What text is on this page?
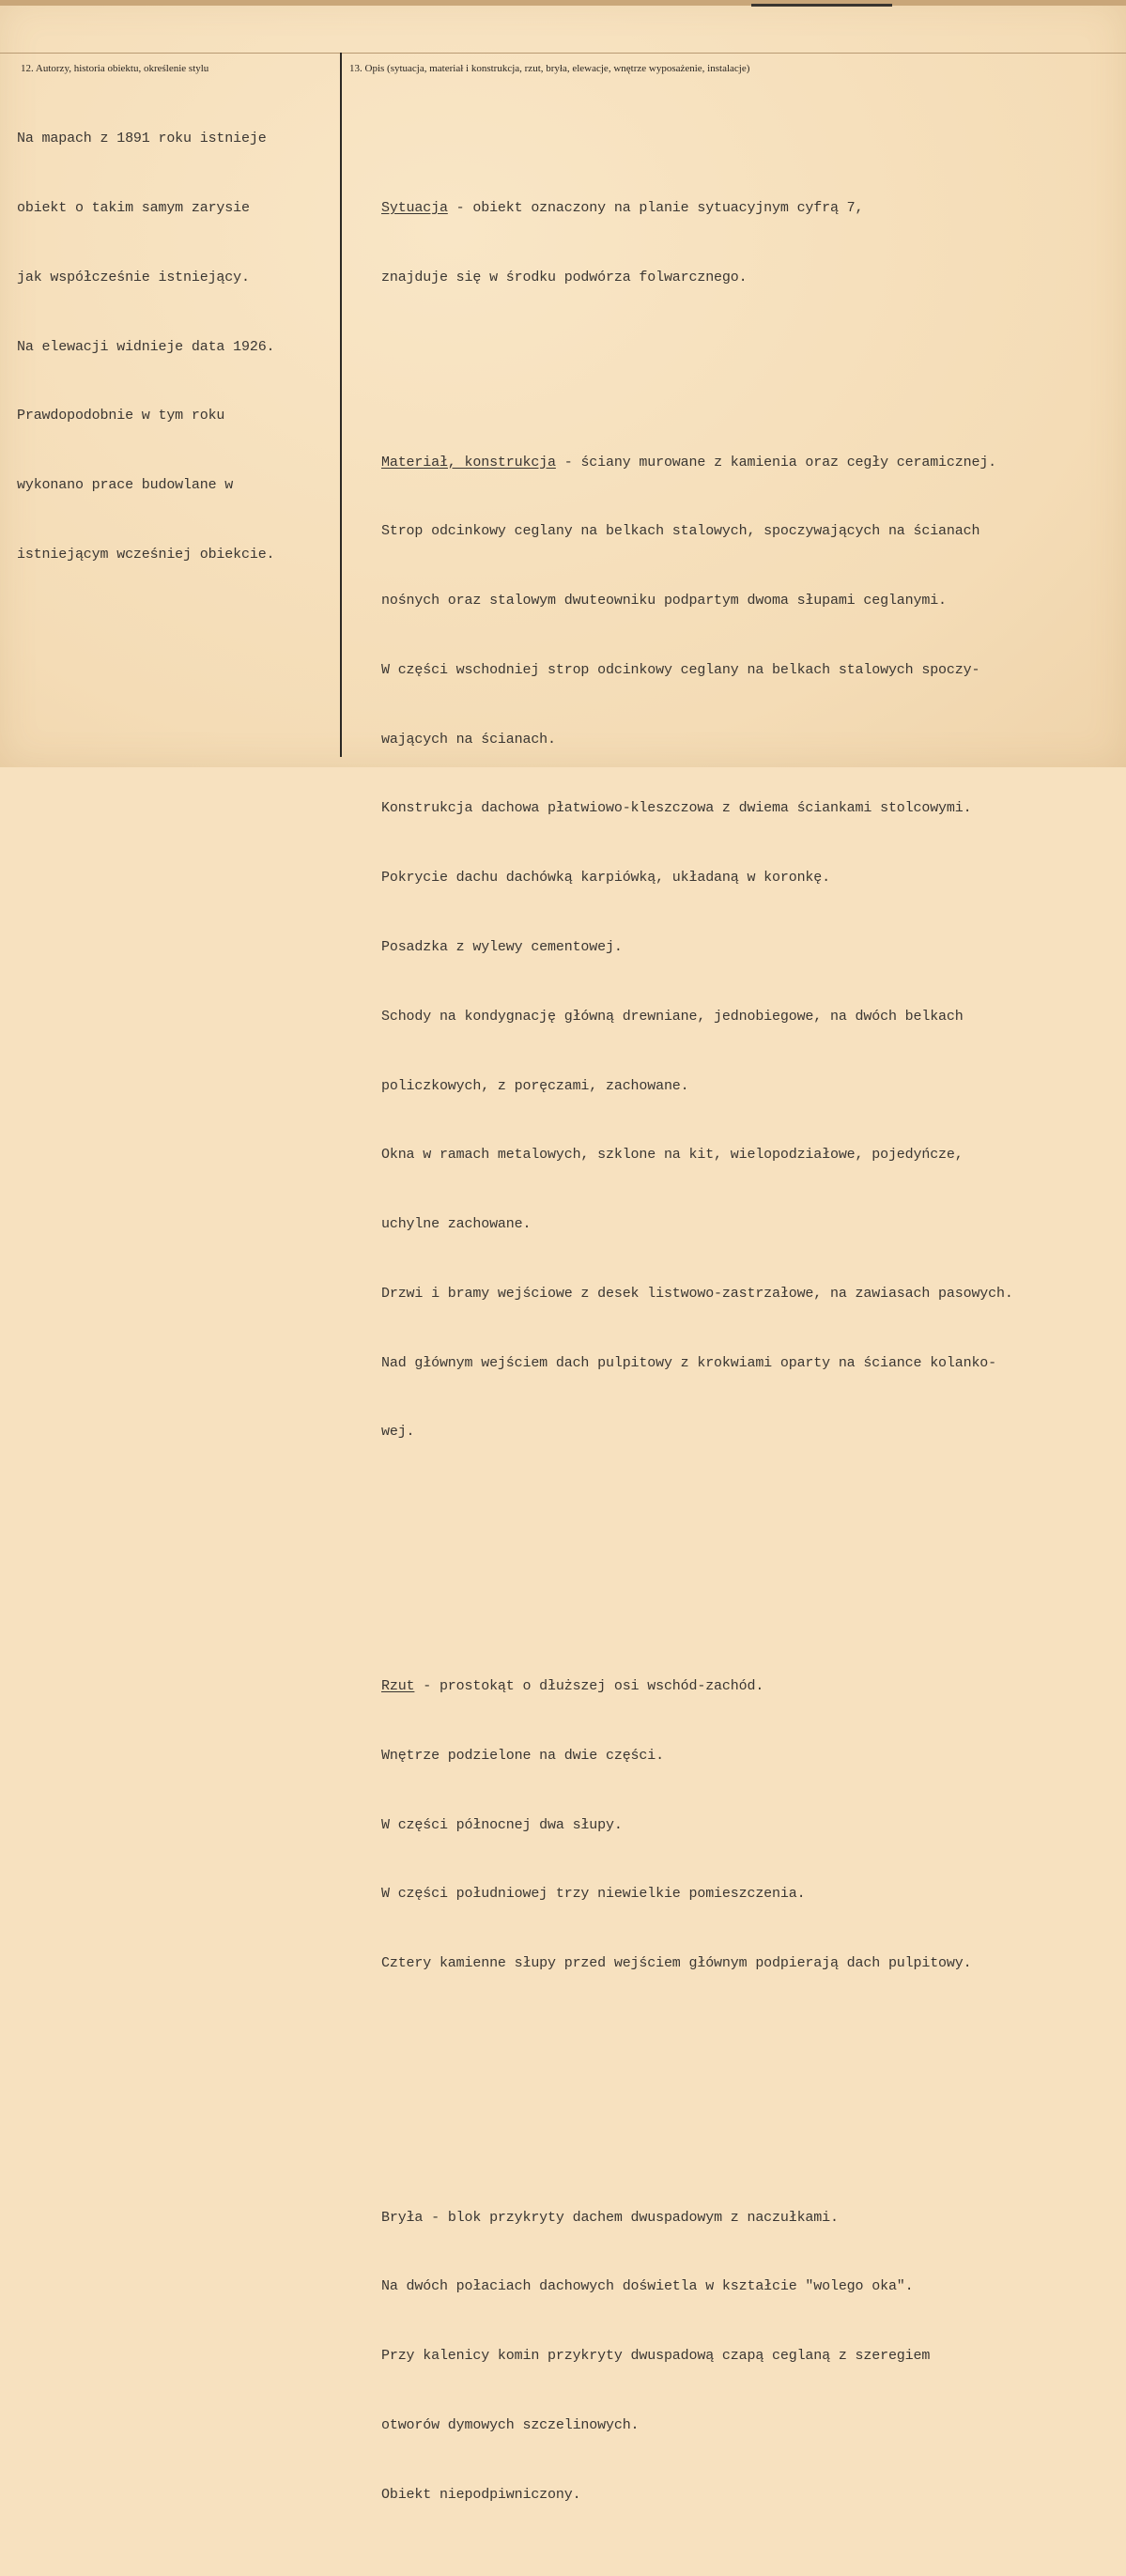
12. Autorzy, historia obiektu, określenie stylu	13. Opis (sytuacja, materiał i konstrukcja, rzut, bryła, elewacje, wnętrze wyposażenie, instalacje)

Na mapach z 1891 roku istnieje

obiekt o takim samym zarysie

jak współcześnie istniejący.

Na elewacji widnieje data 1926.

Prawdopodobnie w tym roku

wykonano prace budowlane w

istniejącym wcześniej obiekcie.

Sytuacja - obiekt oznaczony na planie sytuacyjnym cyfrą 7,

znajduje się w środku podwórza folwarcznego.

Materiał, konstrukcja - ściany murowane z kamienia oraz cegły ceramicznej.

Strop odcinkowy ceglany na belkach stalowych, spoczywających na ścianach

nośnych oraz stalowym dwuteowniku podpartym dwoma słupami ceglanymi.

W części wschodniej strop odcinkowy ceglany na belkach stalowych spoczy-

wających na ścianach.

Konstrukcja dachowa płatwiowo-kleszczowa z dwiema ściankami stolcowymi.

Pokrycie dachu dachówką karpiówką, układaną w koronkę.

Posadzka z wylewy cementowej.

Schody na kondygnację główną drewniane, jednobiegowe, na dwóch belkach

policzkowych, z poręczami, zachowane.

Okna w ramach metalowych, szklone na kit, wielopodziałowe, pojedyńcze,

uchylne zachowane.

Drzwi i bramy wejściowe z desek listwowo-zastrzałowe, na zawiasach pasowych.

Nad głównym wejściem dach pulpitowy z krokwiami oparty na ściance kolanko-

wej.

Rzut - prostokąt o dłuższej osi wschód-zachód.

Wnętrze podzielone na dwie części.

W części północnej dwa słupy.

W części południowej trzy niewielkie pomieszczenia.

Cztery kamienne słupy przed wejściem głównym podpierają dach pulpitowy.

Bryła - blok przykryty dachem dwuspadowym z naczułkami.

Na dwóch połaciach dachowych doświetla w kształcie "wolego oka".

Przy kalenicy komin przykryty dwuspadową czapą ceglaną z szeregiem

otworów dymowych szczelinowych.

Obiekt niepodpiwniczony.
